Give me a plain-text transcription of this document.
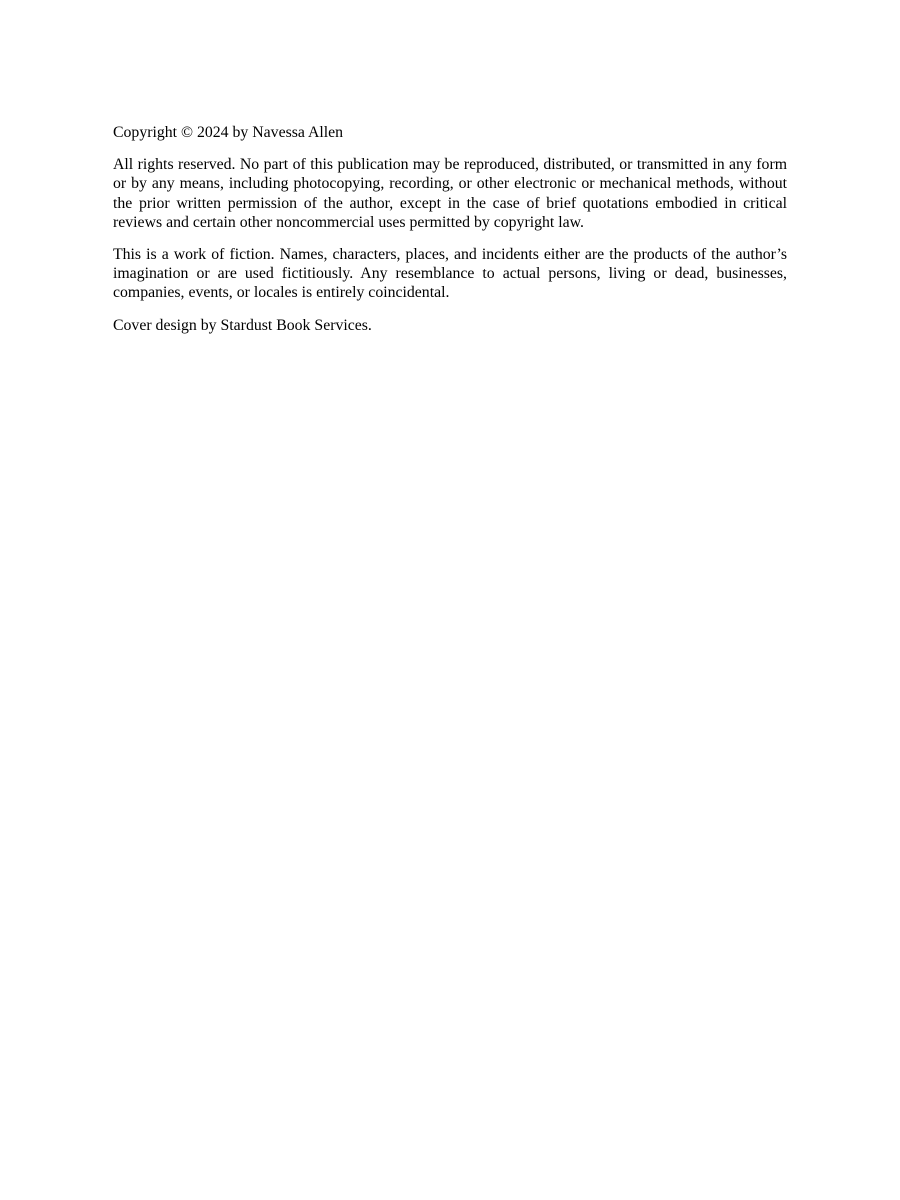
Copyright © 2024 by Navessa Allen

All rights reserved. No part of this publication may be reproduced, distributed, or transmitted in any form or by any means, including photocopying, recording, or other electronic or mechanical methods, without the prior written permission of the author, except in the case of brief quotations embodied in critical reviews and certain other noncommercial uses permitted by copyright law.

This is a work of fiction. Names, characters, places, and incidents either are the products of the author’s imagination or are used fictitiously. Any resemblance to actual persons, living or dead, businesses, companies, events, or locales is entirely coincidental.

Cover design by Stardust Book Services.
